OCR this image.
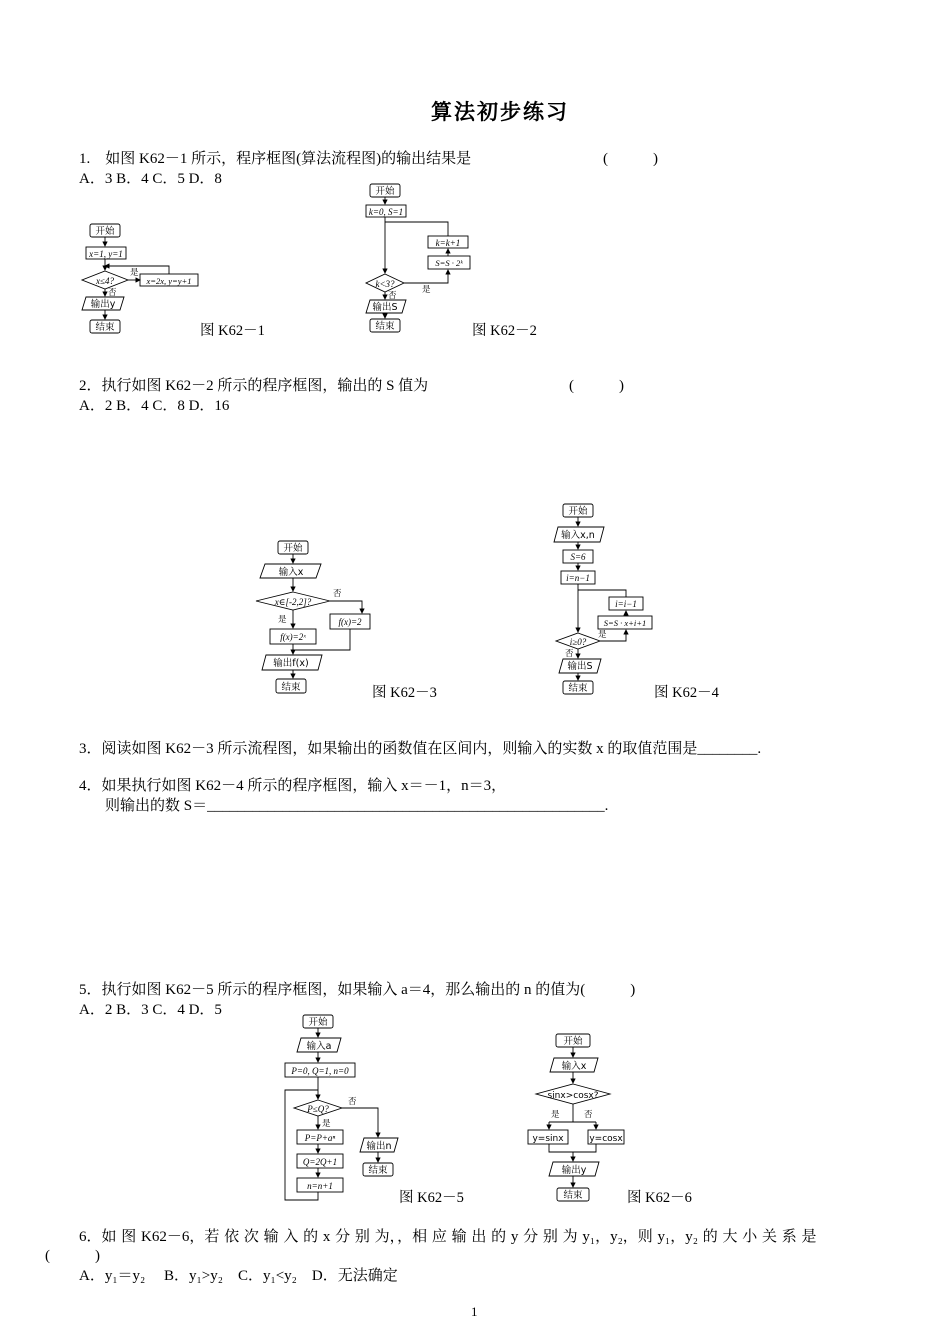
算法初步练习
1.　如图 K62－1 所示，程序框图(算法流程图)的输出结果是	(　　　)
A．3 B．4 C．5 D．8
开始
x=1, y=1
x≤4?
是
x=2x, y=y+1
否
输出y
结束	图 K62－1
开始
k=0, S=1
k=k+1
S=S · 2ᵏ
k<3?
是
否
输出S
结束	图 K62－2
2．执行如图 K62－2 所示的程序框图，输出的 S 值为	(　　　)
A．2 B．4 C．8 D．16
开始
输入x
x∈[-2,2]?
否
f(x)=2
是
f(x)=2ˣ
输出f(x)
结束	图 K62－3
开始
输入x,n
S=6
i=n−1
i=i−1
S=S · x+i+1
i≥0?
是
否
输出S
结束	图 K62－4
3．阅读如图 K62－3 所示流程图，如果输出的函数值在区间内，则输入的实数 x 的取值范围是________.
4．如果执行如图 K62－4 所示的程序框图，输入 x＝－1，n＝3，
则输出的数 S＝_____________________________________________________.
5．执行如图 K62－5 所示的程序框图，如果输入 a＝4，那么输出的 n 的值为(　　　)
A．2 B．3 C．4 D．5
开始
输入a
P=0, Q=1, n=0
P≤Q?
否
是
P=P+aⁿ
Q=2Q+1
n=n+1
输出n
结束
图 K62－5
开始
输入x
sinx>cosx?
是	否
y=sinx	y=cosx
输出y
结束	图 K62－6
6．如 图 K62－6，若 依 次 输 入 的 x 分 别 为，，相 应 输 出 的 y 分 别 为 y₁，y₂，则 y₁，y₂ 的 大 小 关 系 是
(　　　)
A．y₁＝y₂　 B．y₁>y₂　C．y₁<y₂　D．无法确定
1
